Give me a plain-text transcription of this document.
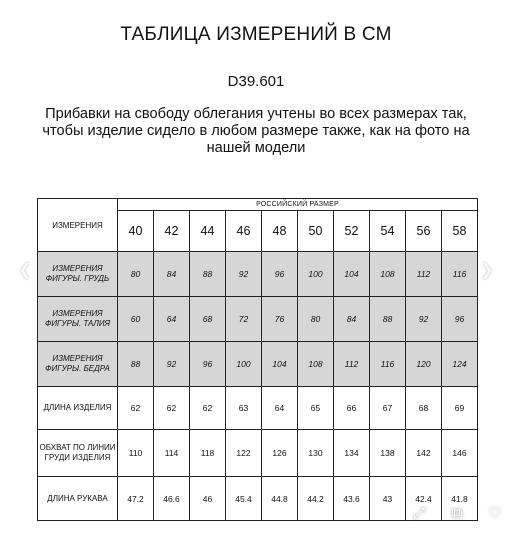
ТАБЛИЦА ИЗМЕРЕНИЙ В СМ
D39.601
Прибавки на свободу облегания учтены во всех размерах так, чтобы изделие сидело в любом размере также, как на фото на нашей модели
ИЗМЕРЕНИЯ	РОССИЙСКИЙ РАЗМЕР									
	40	42	44	46	48	50	52	54	56	58
ИЗМЕРЕНИЯ ФИГУРЫ. ГРУДЬ	80	84	88	92	96	100	104	108	112	116
ИЗМЕРЕНИЯ ФИГУРЫ. ТАЛИЯ	60	64	68	72	76	80	84	88	92	96
ИЗМЕРЕНИЯ ФИГУРЫ. БЕДРА	88	92	96	100	104	108	112	116	120	124
ДЛИНА ИЗДЕЛИЯ	62	62	62	63	64	65	66	67	68	69
ОБХВАТ ПО ЛИНИИ ГРУДИ ИЗДЕЛИЯ	110	114	118	122	126	130	134	138	142	146
ДЛИНА РУКАВА	47.2	46.6	46	45.4	44.8	44.2	43.6	43	42.4	41.8
❮	❯
⤢	⧉	♡
